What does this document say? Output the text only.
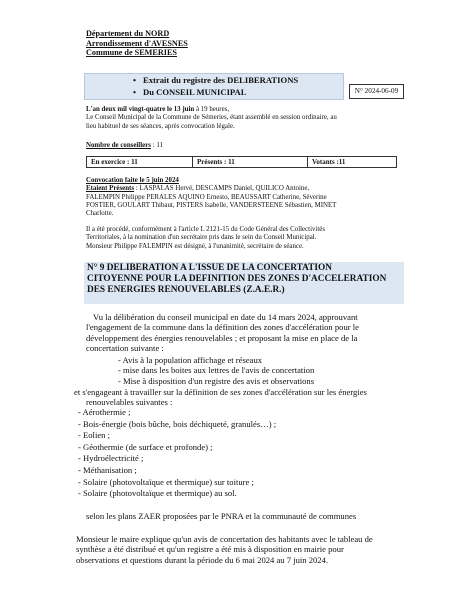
Département du NORD
Arrondissement d'AVESNES
Commune de SEMERIES
• Extrait du registre des DELIBERATIONS
• Du CONSEIL MUNICIPAL	N° 2024-06-09
L'an deux mil vingt-quatre le 13 juin à 19 heures,
Le Conseil Municipal de la Commune de Sémeries, étant assemblé en session ordinaire, au
lieu habituel de ses séances, après convocation légale.
Nombre de conseillers : 11
En exercice : 11	Présents : 11	Votants :11
Convocation faite le 5 juin 2024
Etaient Présents : LASPALAS Hervé, DESCAMPS Daniel, QUILICO Antoine,
FALEMPIN Philippe PERALES AQUINO Ernesto, BEAUSSART Catherine, Séverine
FOSTIER, GOULART Thibaut, PISTERS Isabelle, VANDERSTEENE Sébastien, MINET
Charlotte.
Il a été procédé, conformément à l'article L 2121-15 du Code Général des Collectivités
Territoriales, à la nomination d'un secrétaire pris dans le sein du Conseil Municipal.
Monsieur Philippe FALEMPIN est désigné, à l'unanimité, secrétaire de séance.
N° 9 DELIBERATION A L'ISSUE DE LA CONCERTATION
CITOYENNE POUR LA DEFINITION DES ZONES D'ACCELERATION
DES ENERGIES RENOUVELABLES (Z.A.E.R.)
Vu la délibération du conseil municipal en date du 14 mars 2024, approuvant
l'engagement de la commune dans la définition des zones d'accélération pour le
développement des énergies renouvelables ; et proposant la mise en place de la
concertation suivante :
- Avis à la population affichage et réseaux
- mise dans les boites aux lettres de l'avis de concertation
- Mise à disposition d'un registre des avis et observations
et s'engageant à travailler sur la définition de ses zones d'accélération sur les énergies
renouvelables suivantes :
- Aérothermie ;
- Bois-énergie (bois bûche, bois déchiqueté, granulés…) ;
- Eolien ;
- Géothermie (de surface et profonde) ;
- Hydroélectricité ;
- Méthanisation ;
- Solaire (photovoltaïque et thermique) sur toiture ;
- Solaire (photovoltaïque et thermique) au sol.
selon les plans ZAER proposées par le PNRA et la communauté de communes
Monsieur le maire explique qu'un avis de concertation des habitants avec le tableau de
synthèse a été distribué et qu'un registre a été mis à disposition en mairie pour
observations et questions durant la période du 6 mai 2024 au 7 juin 2024.
